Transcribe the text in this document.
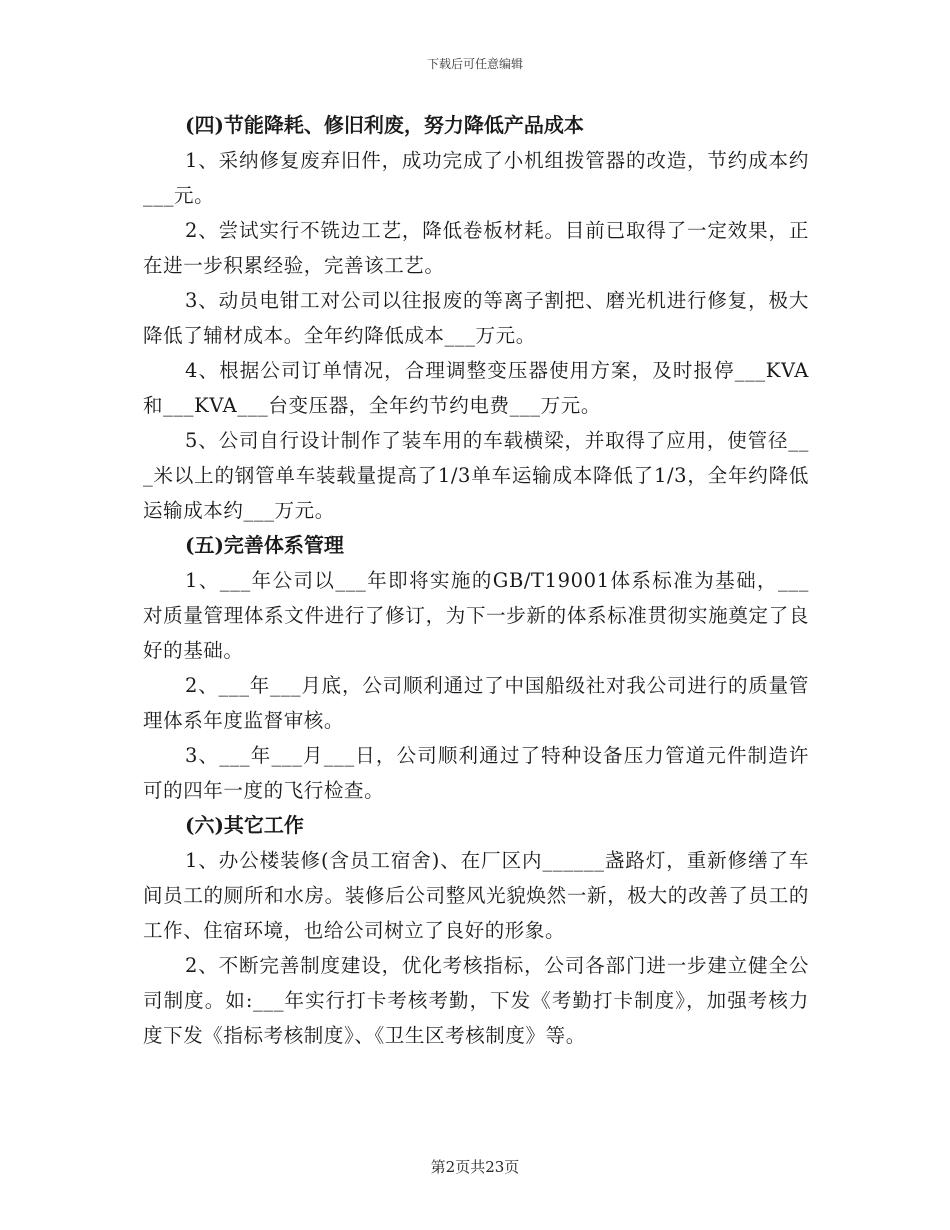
下载后可任意编辑
(四)节能降耗、修旧利废，努力降低产品成本

1、采纳修复废弃旧件，成功完成了小机组拨管器的改造，节约成本约___元。

2、尝试实行不铣边工艺，降低卷板材耗。目前已取得了一定效果，正在进一步积累经验，完善该工艺。

3、动员电钳工对公司以往报废的等离子割把、磨光机进行修复，极大降低了辅材成本。全年约降低成本___万元。

4、根据公司订单情况，合理调整变压器使用方案，及时报停___KVA和___KVA___台变压器，全年约节约电费___万元。

5、公司自行设计制作了装车用的车载横梁，并取得了应用，使管径___米以上的钢管单车装载量提高了1/3单车运输成本降低了1/3，全年约降低运输成本约___万元。

(五)完善体系管理

1、___年公司以___年即将实施的GB/T19001体系标准为基础，___对质量管理体系文件进行了修订，为下一步新的体系标准贯彻实施奠定了良好的基础。

2、___年___月底，公司顺利通过了中国船级社对我公司进行的质量管理体系年度监督审核。

3、___年___月___日，公司顺利通过了特种设备压力管道元件制造许可的四年一度的飞行检查。

(六)其它工作

1、办公楼装修(含员工宿舍)、在厂区内______盏路灯，重新修缮了车间员工的厕所和水房。装修后公司整风光貌焕然一新，极大的改善了员工的工作、住宿环境，也给公司树立了良好的形象。

2、不断完善制度建设，优化考核指标，公司各部门进一步建立健全公司制度。如:___年实行打卡考核考勤，下发《考勤打卡制度》，加强考核力度下发《指标考核制度》、《卫生区考核制度》等。

第2页共23页
